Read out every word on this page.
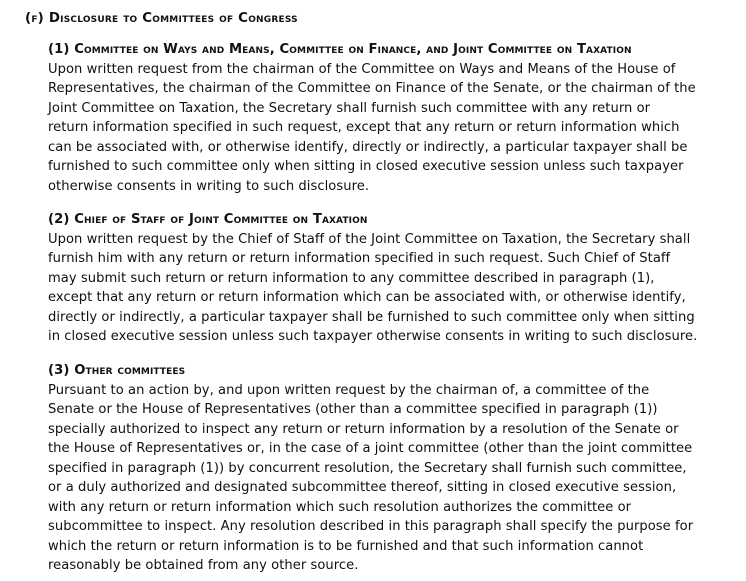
(f) Disclosure to Committees of Congress
(1) Committee on Ways and Means, Committee on Finance, and Joint Committee on Taxation
Upon written request from the chairman of the Committee on Ways and Means of the House of
Representatives, the chairman of the Committee on Finance of the Senate, or the chairman of the
Joint Committee on Taxation, the Secretary shall furnish such committee with any return or
return information specified in such request, except that any return or return information which
can be associated with, or otherwise identify, directly or indirectly, a particular taxpayer shall be
furnished to such committee only when sitting in closed executive session unless such taxpayer
otherwise consents in writing to such disclosure.
(2) Chief of Staff of Joint Committee on Taxation
Upon written request by the Chief of Staff of the Joint Committee on Taxation, the Secretary shall
furnish him with any return or return information specified in such request. Such Chief of Staff
may submit such return or return information to any committee described in paragraph (1),
except that any return or return information which can be associated with, or otherwise identify,
directly or indirectly, a particular taxpayer shall be furnished to such committee only when sitting
in closed executive session unless such taxpayer otherwise consents in writing to such disclosure.
(3) Other committees
Pursuant to an action by, and upon written request by the chairman of, a committee of the
Senate or the House of Representatives (other than a committee specified in paragraph (1))
specially authorized to inspect any return or return information by a resolution of the Senate or
the House of Representatives or, in the case of a joint committee (other than the joint committee
specified in paragraph (1)) by concurrent resolution, the Secretary shall furnish such committee,
or a duly authorized and designated subcommittee thereof, sitting in closed executive session,
with any return or return information which such resolution authorizes the committee or
subcommittee to inspect. Any resolution described in this paragraph shall specify the purpose for
which the return or return information is to be furnished and that such information cannot
reasonably be obtained from any other source.
